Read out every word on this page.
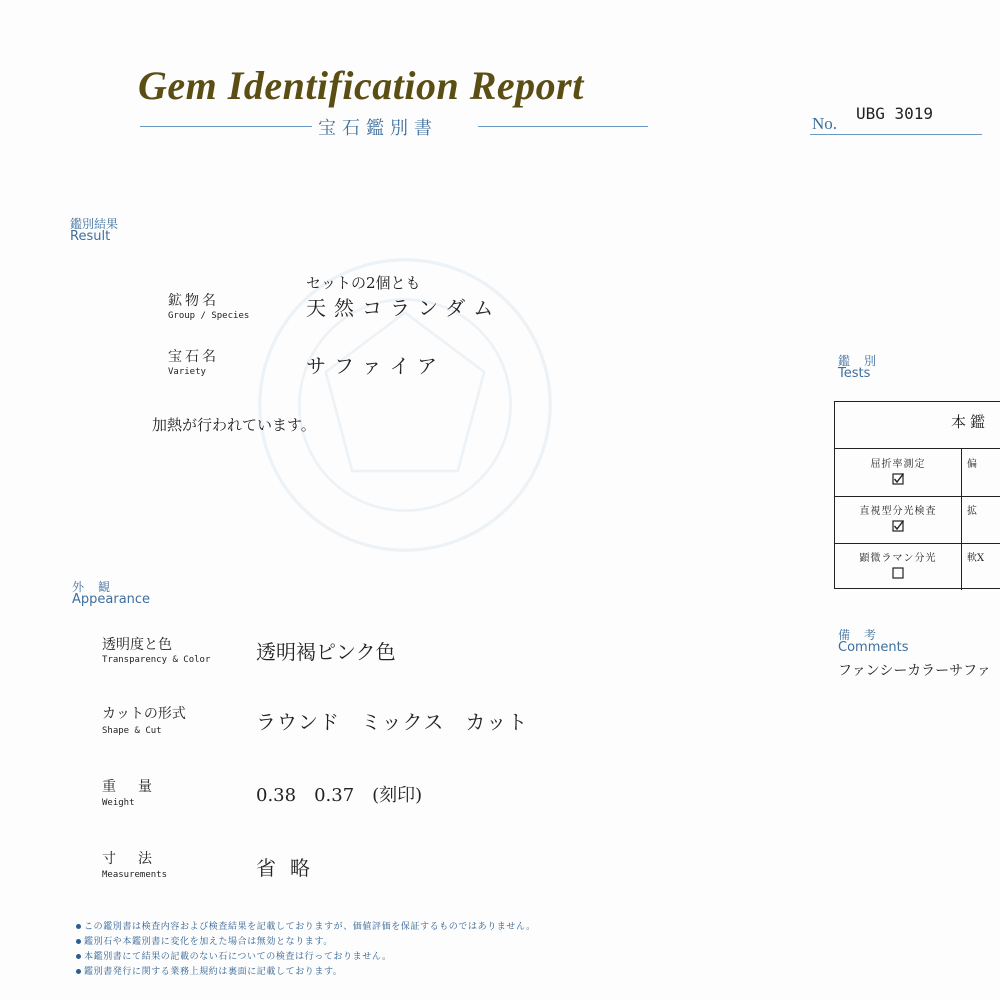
Gem Identification Report
宝石鑑別書	No.
UBG 3019
鑑別結果
Result
鉱物名
Group / Species
セットの2個とも
天然コランダム
宝石名
Variety	サファイア
加熱が行われています。
外観
Appearance
透明度と色
Transparency & Color 透明褐ピンク色
カットの形式
Shape & Cut	ラウンド　ミックス　カット
重量
Weight	0.38　0.37　(刻印)
寸法
Measurements	省略
鑑別
Tests
本鑑
屈折率測定	偏
直視型分光検査	拡
顕微ラマン分光	軟X
備考
Comments
ファンシーカラーサファ
この鑑別書は検査内容および検査結果を記載しておりますが、価値評価を保証するものではありません。
鑑別石や本鑑別書に変化を加えた場合は無効となります。
本鑑別書にて結果の記載のない石についての検査は行っておりません。
鑑別書発行に関する業務上規約は裏面に記載しております。
